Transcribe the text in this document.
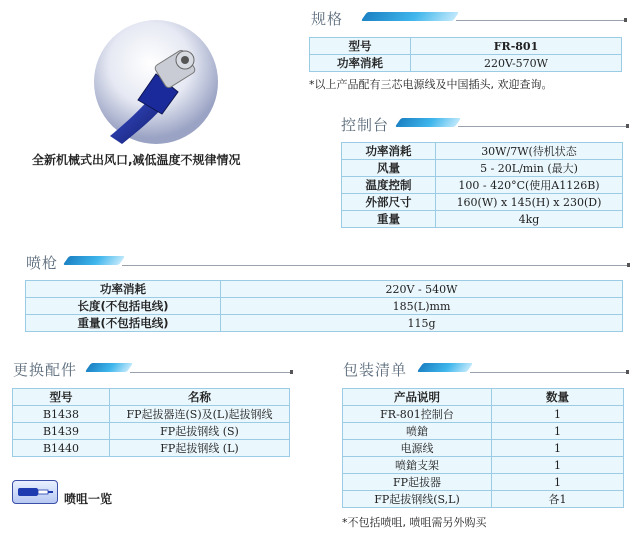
全新机械式出风口,减低温度不规律情况
规格
型号	FR-801
功率消耗	220V-570W
*以上产品配有三芯电源线及中国插头, 欢迎查询。
控制台
功率消耗	30W/7W(待机状态
风量	5 - 20L/min (最大)
温度控制	100 - 420°C(使用A1126B)
外部尺寸	160(W) x 145(H) x 230(D)
重量	4kg
喷枪
功率消耗	220V - 540W
长度(不包括电线)	185(L)mm
重量(不包括电线)	115g
更换配件
型号	名称
B1438	FP起拔器连(S)及(L)起拔钢线
B1439	FP起拔钢线 (S)
B1440	FP起拔钢线 (L)
喷咀一览
包装清单
产品说明	数量
FR-801控制台	1
喷鎗	1
电源线	1
喷鎗支架	1
FP起拔器	1
FP起拔钢线(S,L)	各1
*不包括喷咀, 喷咀需另外购买
